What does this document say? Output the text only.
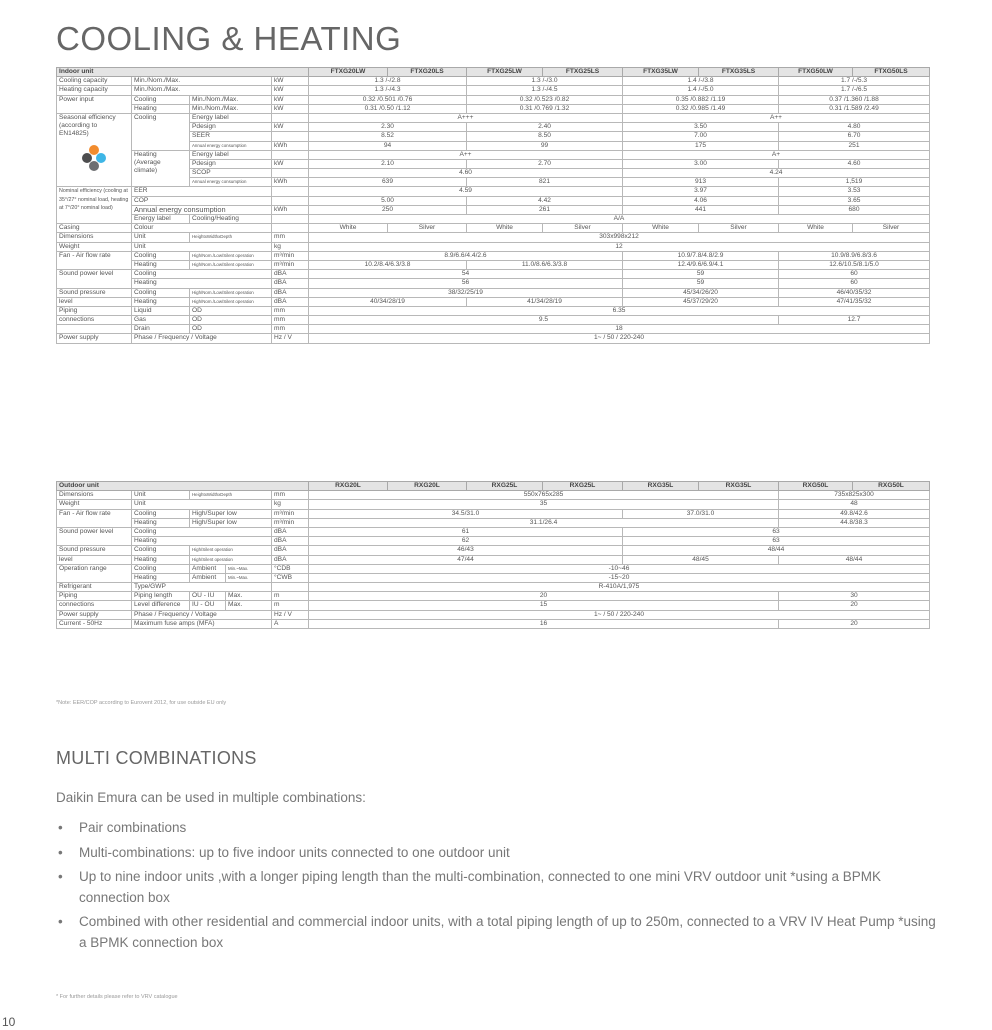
COOLING & HEATING
Indoor unit				FTXG20LW	FTXG20LS	FTXG25LW	FTXG25LS	FTXG35LW	FTXG35LS	FTXG50LW	FTXG50LS
Cooling capacity	Min./Nom./Max.		kW	1.3 /-/2.8		1.3 /-/3.0		1.4 /-/3.8		1.7 /-/5.3	
Heating capacity	Min./Nom./Max.		kW	1.3 /-/4.3		1.3 /-/4.5		1.4 /-/5.0		1.7 /-/6.5	
Power input	Cooling	Min./Nom./Max.	kW	0.32 /0.501 /0.76		0.32 /0.523 /0.82		0.35 /0.882 /1.19		0.37 /1.360 /1.88	
	Heating	Min./Nom./Max.	kW	0.31 /0.50 /1.12		0.31 /0.769 /1.32		0.32 /0.985 /1.49		0.31 /1.589 /2.49	

Seasonal efficiency
(according to
EN14825)	Cooling	Energy label		A+++				A++			
		Pdesign	kW	2.30		2.40		3.50		4.80	
		SEER		8.52		8.50		7.00		6.70	
		Annual energy consumption	kWh	94		99		175		251	

	Heating
(Average
climate)	Energy label		A++				A+			
		Pdesign	kW	2.10		2.70		3.00		4.60	
		SCOP		4.60				4.24			
		Annual energy consumption	kWh	639		821		913		1,519	
Nominal efficiency (cooling at 35°/27° nominal load, heating at 7°/20° nominal load)	EER			4.59				3.97		3.53	
	COP			5.00		4.42		4.06		3.65	
	Annual energy consumption		kWh	250		261		441		680	
	Energy label	Cooling/Heating		A/A							
Casing	Colour			White	Silver	White	Silver	White	Silver	White	Silver
Dimensions	Unit	HeightxWidthxDepth	mm	303x998x212							
Weight	Unit		kg	12							
Fan - Air flow rate	Cooling	High/Nom./Low/Silent operation	m³/min	8.9/6.6/4.4/2.6				10.9/7.8/4.8/2.9		10.9/8.9/6.8/3.6	
	Heating	High/Nom./Low/Silent operation	m³/min	10.2/8.4/6.3/3.8		11.0/8.6/6.3/3.8		12.4/9.6/6.9/4.1		12.6/10.5/8.1/5.0	
Sound power level	Cooling		dBA	54				59		60	
	Heating		dBA	56				59		60	
Sound pressure	Cooling	High/Nom./Low/Silent operation	dBA	38/32/25/19				45/34/26/20		46/40/35/32	
level	Heating	High/Nom./Low/Silent operation	dBA	40/34/28/19		41/34/28/19		45/37/29/20		47/41/35/32	
Piping	Liquid	OD	mm	6.35							
connections	Gas	OD	mm	9.5						12.7	
	Drain	OD	mm	18							
Power supply	Phase / Frequency / Voltage		Hz / V	1~ / 50 / 220-240							
Outdoor unit					RXG20L	RXG20L	RXG25L	RXG25L	RXG35L	RXG35L	RXG50L	RXG50L
Dimensions	Unit	HeightxWidthxDepth		mm	550x765x285						735x825x300	
Weight	Unit			kg	35						48	
Fan - Air flow rate	Cooling	High/Super low		m³/min	34.5/31.0				37.0/31.0		49.8/42.6	
	Heating	High/Super low		m³/min	31.1/26.4						44.8/38.3	
Sound power level	Cooling			dBA	61				63			
	Heating			dBA	62				63			
Sound pressure	Cooling	High/Silent operation		dBA	46/43				48/44			
level	Heating	High/Silent operation		dBA	47/44				48/45		48/44	
Operation range	Cooling	Ambient	Min.~Max.	°CDB	-10~46							
	Heating	Ambient	Min.~Max.	°CWB	-15~20							
Refrigerant	Type/GWP				R-410A/1,975							
Piping	Piping length	OU - IU	Max.	m	20						30	
connections	Level difference	IU - OU	Max.	m	15						20	
Power supply	Phase / Frequency / Voltage			Hz / V	1~ / 50 / 220-240							
Current - 50Hz	Maximum fuse amps (MFA)			A	16						20	
*Note: EER/COP according to Eurovent 2012, for use outside EU only
MULTI COMBINATIONS

Daikin Emura can be used in multiple combinations:

• Pair combinations
• Multi-combinations: up to five indoor units connected to one outdoor unit
• Up to nine indoor units ,with a longer piping length than the multi-combination, connected to one mini VRV outdoor unit *using a BPMK connection box
• Combined with other residential and commercial indoor units, with a total piping length of up to 250m, connected to a VRV IV Heat Pump *using a BPMK connection box
* For further details please refer to VRV catalogue
10
